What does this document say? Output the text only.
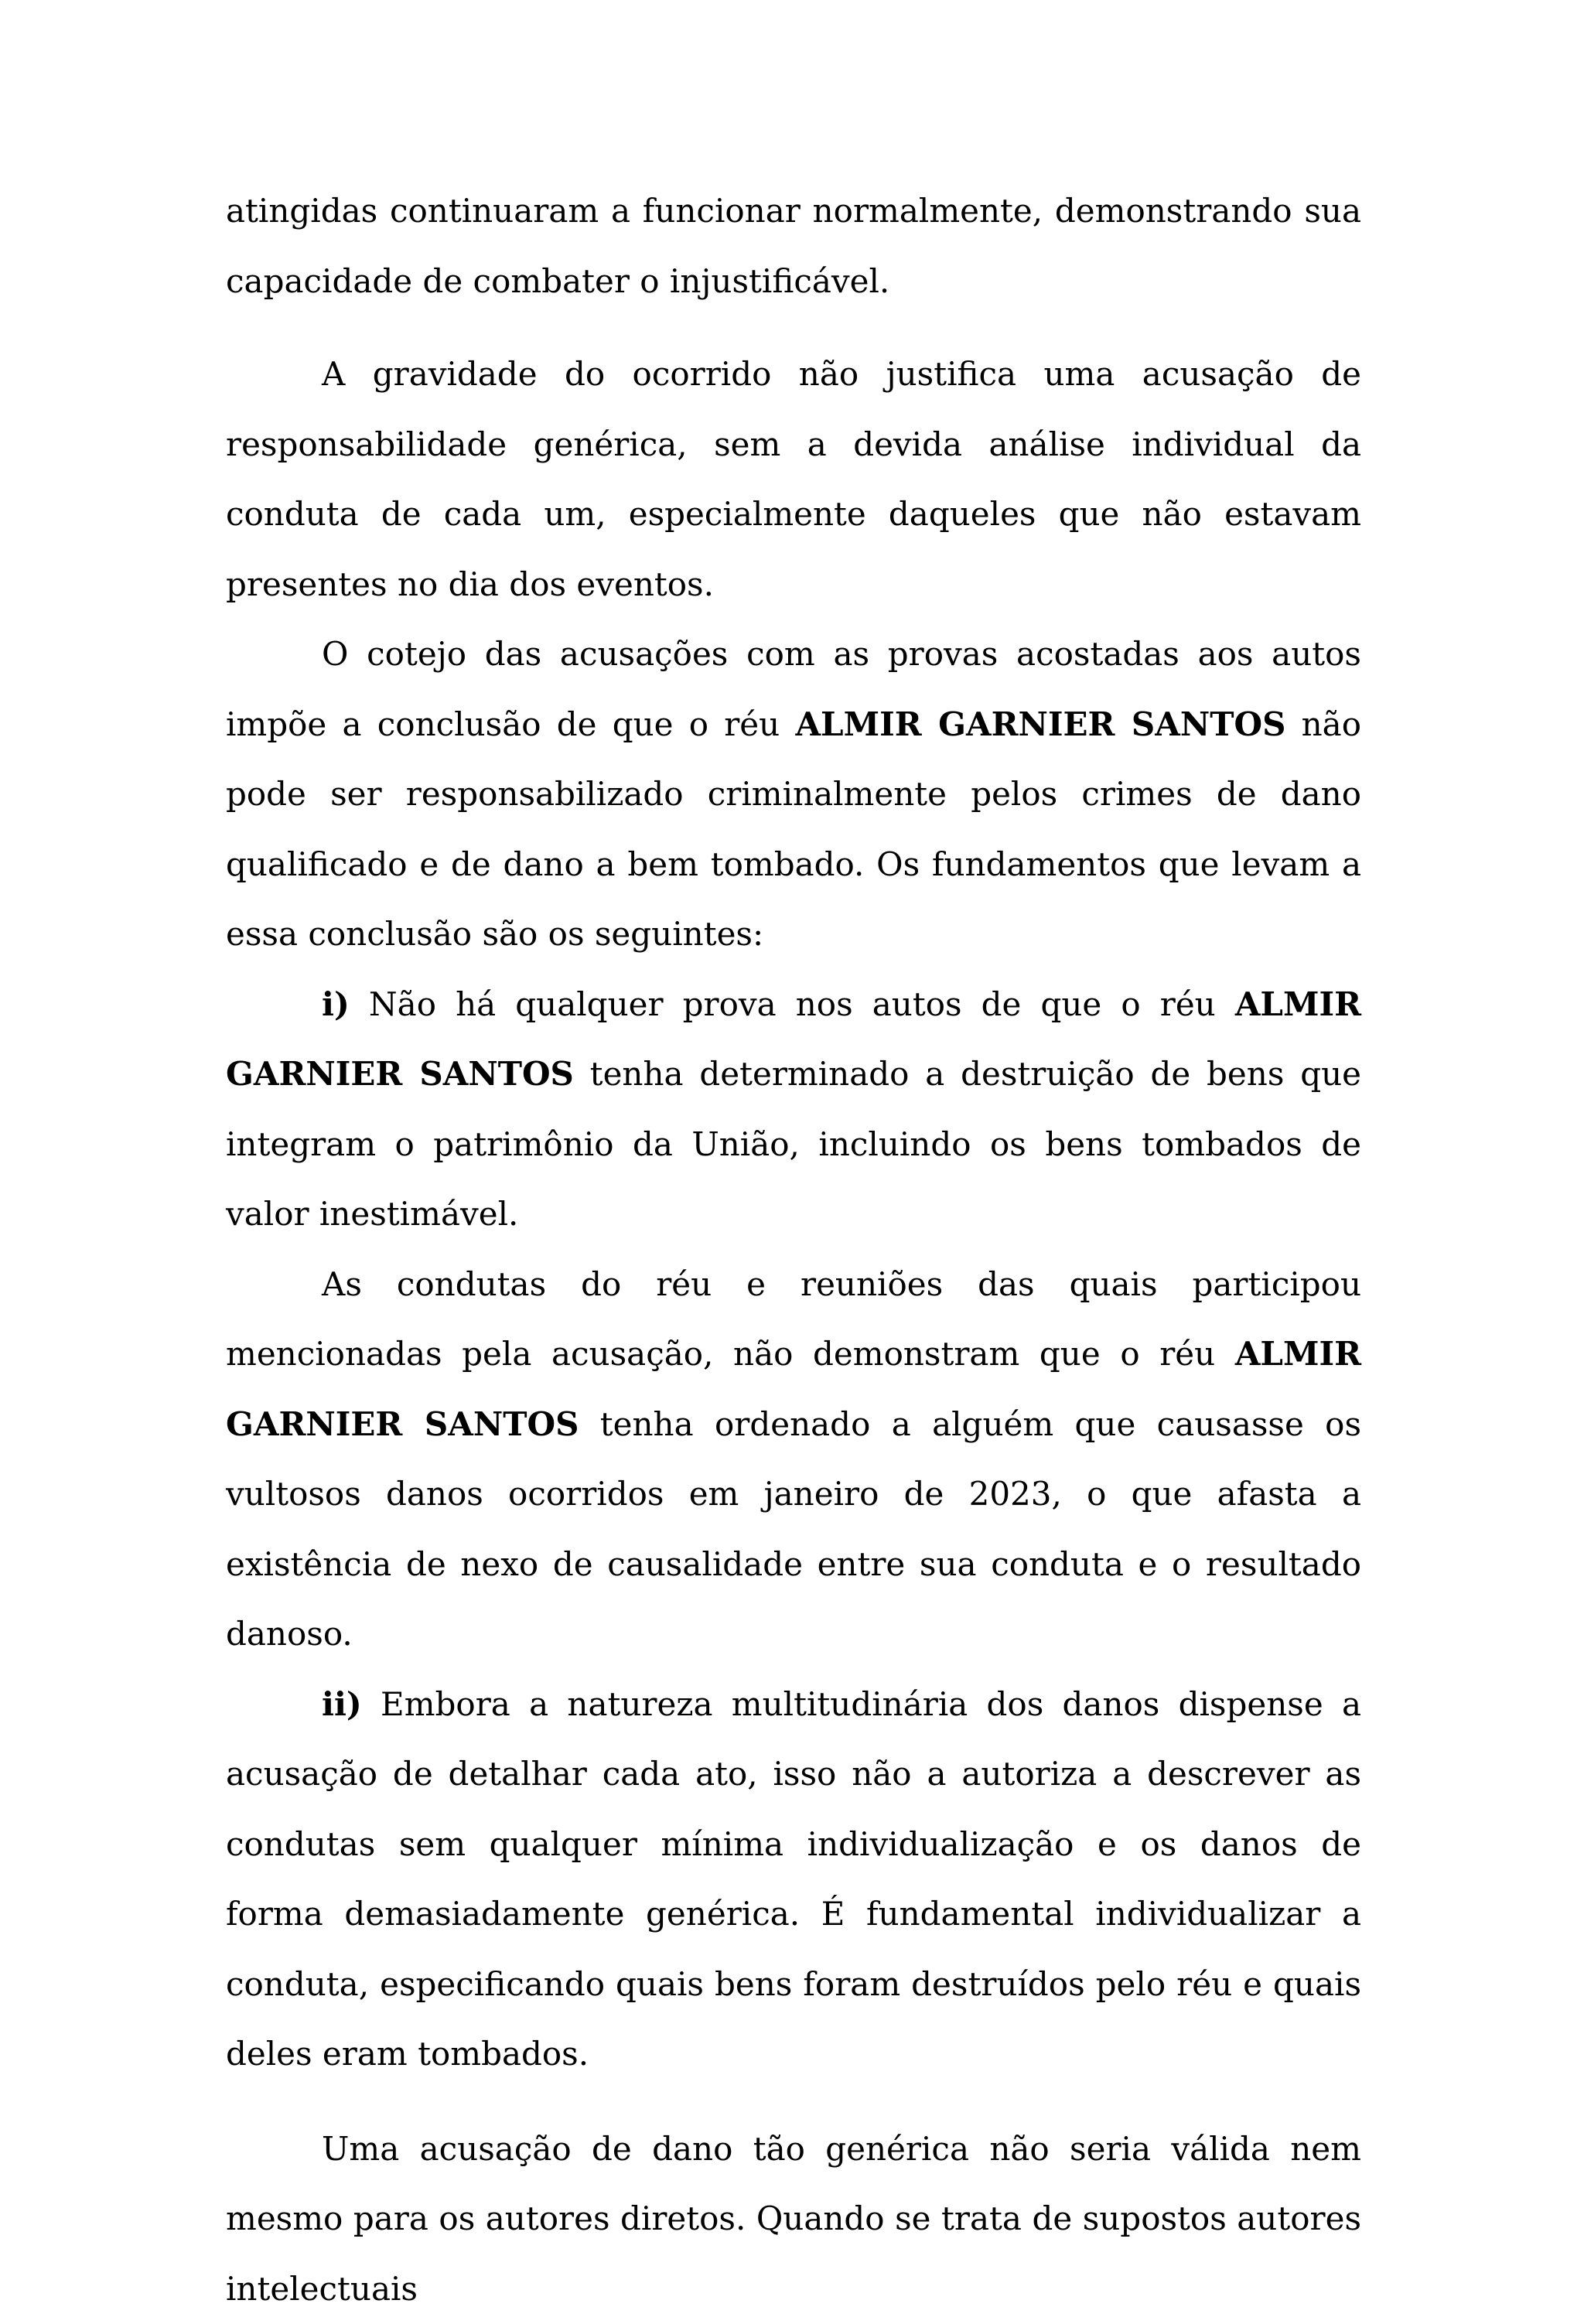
atingidas continuaram a funcionar normalmente, demonstrando sua capacidade de combater o injustificável.

A gravidade do ocorrido não justifica uma acusação de responsabilidade genérica, sem a devida análise individual da conduta de cada um, especialmente daqueles que não estavam presentes no dia dos eventos.

O cotejo das acusações com as provas acostadas aos autos impõe a conclusão de que o réu ALMIR GARNIER SANTOS não pode ser responsabilizado criminalmente pelos crimes de dano qualificado e de dano a bem tombado. Os fundamentos que levam a essa conclusão são os seguintes:

i) Não há qualquer prova nos autos de que o réu ALMIR GARNIER SANTOS tenha determinado a destruição de bens que integram o patrimônio da União, incluindo os bens tombados de valor inestimável.

As condutas do réu e reuniões das quais participou mencionadas pela acusação, não demonstram que o réu ALMIR GARNIER SANTOS tenha ordenado a alguém que causasse os vultosos danos ocorridos em janeiro de 2023, o que afasta a existência de nexo de causalidade entre sua conduta e o resultado danoso.

ii) Embora a natureza multitudinária dos danos dispense a acusação de detalhar cada ato, isso não a autoriza a descrever as condutas sem qualquer mínima individualização e os danos de forma demasiadamente genérica. É fundamental individualizar a conduta, especificando quais bens foram destruídos pelo réu e quais deles eram tombados.

Uma acusação de dano tão genérica não seria válida nem mesmo para os autores diretos. Quando se trata de supostos autores intelectuais
